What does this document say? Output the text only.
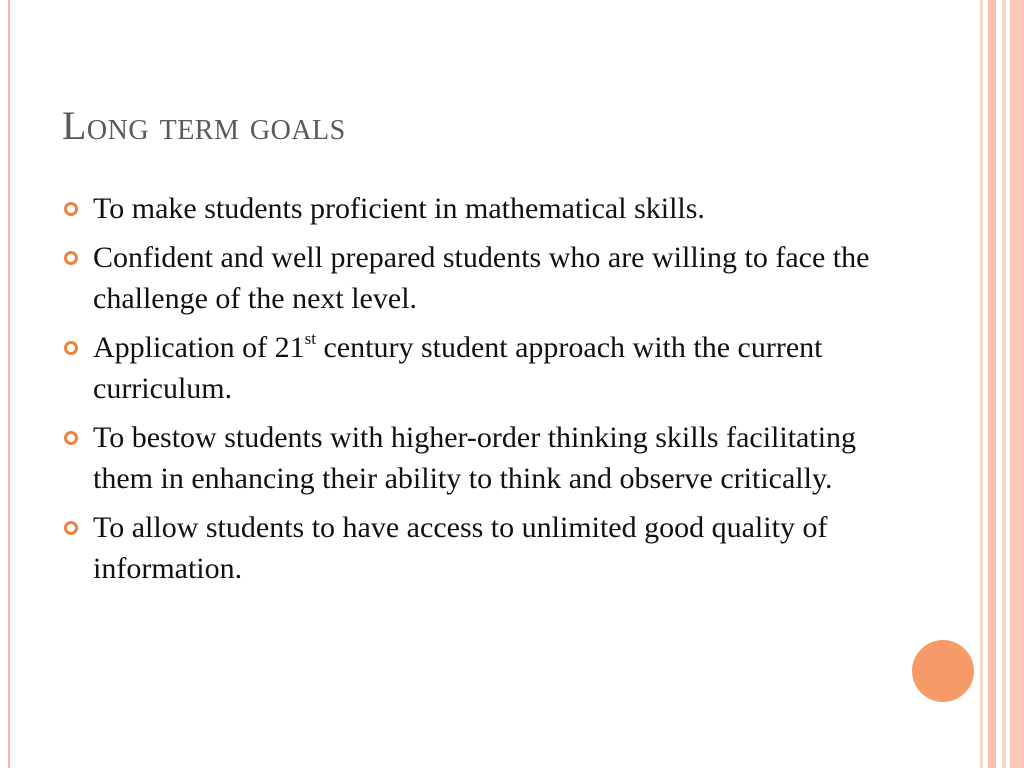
Long term goals
To make students proficient in mathematical skills.
Confident and well prepared students who are willing to face the challenge of the next level.
Application of 21st century student approach with the current curriculum.
To bestow students with higher-order thinking skills facilitating them in enhancing their ability to think and observe critically.
To allow students to have access to unlimited good quality of information.
